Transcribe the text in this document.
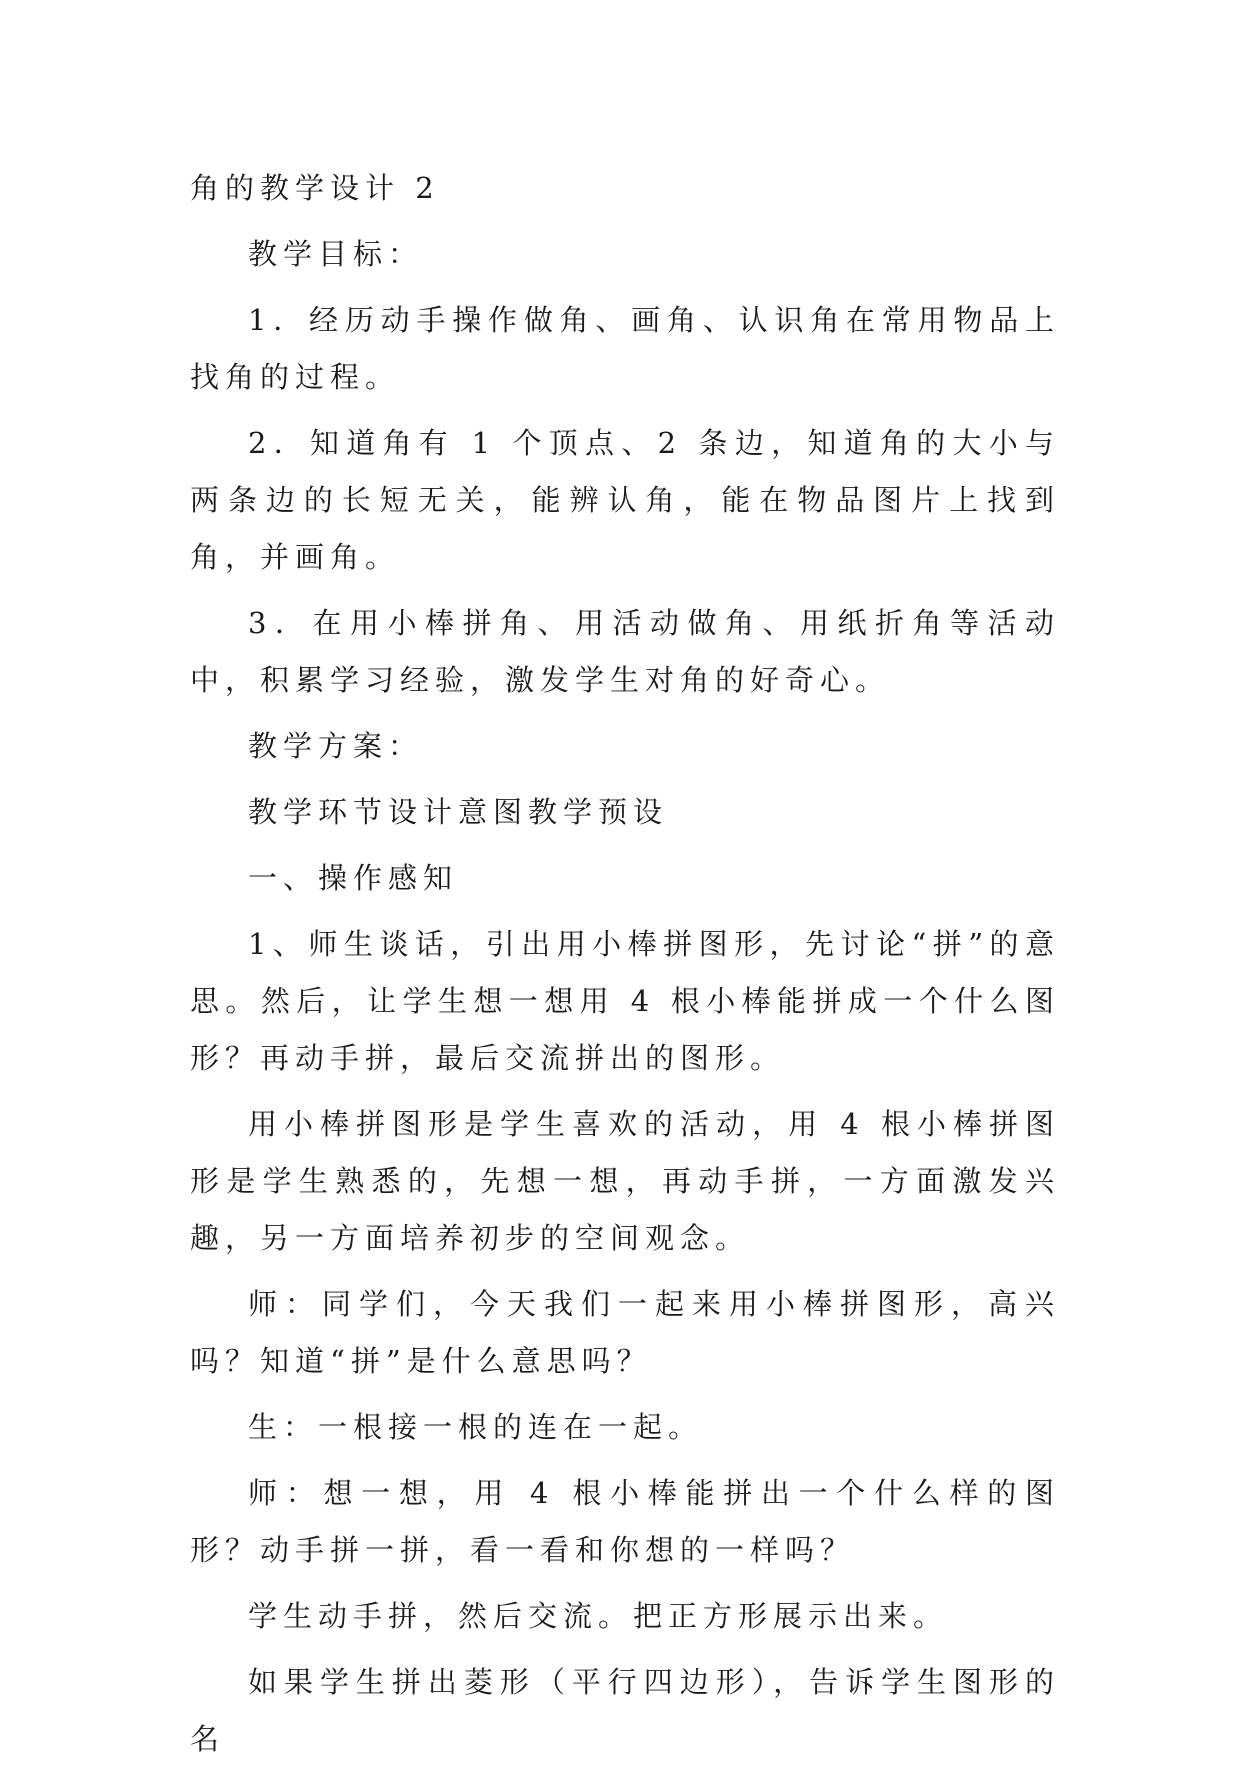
角的教学设计 2

教学目标：

1．经历动手操作做角、画角、认识角在常用物品上找角的过程。

2．知道角有 1 个顶点、2 条边，知道角的大小与两条边的长短无关，能辨认角，能在物品图片上找到角，并画角。

3．在用小棒拼角、用活动做角、用纸折角等活动中，积累学习经验，激发学生对角的好奇心。

教学方案：

教学环节设计意图教学预设

一、操作感知

1、师生谈话，引出用小棒拼图形，先讨论“拼”的意思。然后，让学生想一想用 4 根小棒能拼成一个什么图形？再动手拼，最后交流拼出的图形。

用小棒拼图形是学生喜欢的活动，用 4 根小棒拼图形是学生熟悉的，先想一想，再动手拼，一方面激发兴趣，另一方面培养初步的空间观念。

师：同学们，今天我们一起来用小棒拼图形，高兴吗？知道“拼”是什么意思吗？

生：一根接一根的连在一起。

师：想一想，用 4 根小棒能拼出一个什么样的图形？动手拼一拼，看一看和你想的一样吗？

学生动手拼，然后交流。把正方形展示出来。

如果学生拼出菱形（平行四边形），告诉学生图形的名
